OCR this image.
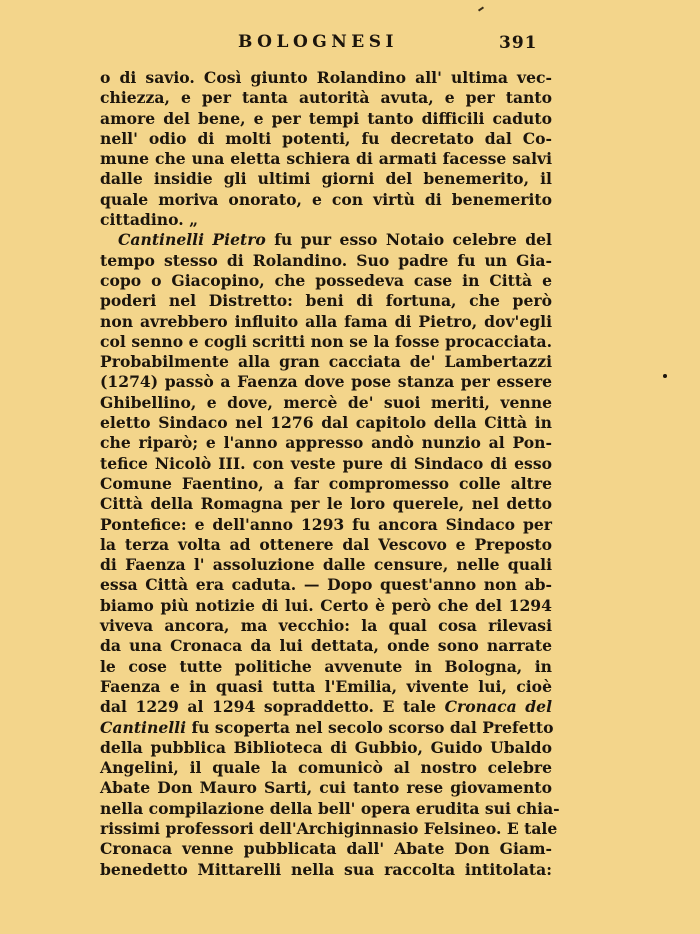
BOLOGNESI	391
o di savio. Così giunto Rolandino all' ultima vec-
chiezza, e per tanta autorità avuta, e per tanto
amore del bene, e per tempi tanto difficili caduto
nell' odio di molti potenti, fu decretato dal Co-
mune che una eletta schiera di armati facesse salvi
dalle insidie gli ultimi giorni del benemerito, il
quale moriva onorato, e con virtù di benemerito
cittadino. „
Cantinelli Pietro fu pur esso Notaio celebre del
tempo stesso di Rolandino. Suo padre fu un Gia-
copo o Giacopino, che possedeva case in Città e
poderi nel Distretto: beni di fortuna, che però
non avrebbero influito alla fama di Pietro, dov'egli
col senno e cogli scritti non se la fosse procacciata.
Probabilmente alla gran cacciata de' Lambertazzi
(1274) passò a Faenza dove pose stanza per essere
Ghibellino, e dove, mercè de' suoi meriti, venne
eletto Sindaco nel 1276 dal capitolo della Città in
che riparò; e l'anno appresso andò nunzio al Pon-
tefice Nicolò III. con veste pure di Sindaco di esso
Comune Faentino, a far compromesso colle altre
Città della Romagna per le loro querele, nel detto
Pontefice: e dell'anno 1293 fu ancora Sindaco per
la terza volta ad ottenere dal Vescovo e Preposto
di Faenza l' assoluzione dalle censure, nelle quali
essa Città era caduta. — Dopo quest'anno non ab-
biamo più notizie di lui. Certo è però che del 1294
viveva ancora, ma vecchio: la qual cosa rilevasi
da una Cronaca da lui dettata, onde sono narrate
le cose tutte politiche avvenute in Bologna, in
Faenza e in quasi tutta l'Emilia, vivente lui, cioè
dal 1229 al 1294 sopraddetto. E tale Cronaca del
Cantinelli fu scoperta nel secolo scorso dal Prefetto
della pubblica Biblioteca di Gubbio, Guido Ubaldo
Angelini, il quale la comunicò al nostro celebre
Abate Don Mauro Sarti, cui tanto rese giovamento
nella compilazione della bell' opera erudita sui chia-
rissimi professori dell'Archiginnasio Felsineo. E tale
Cronaca venne pubblicata dall' Abate Don Giam-
benedetto Mittarelli nella sua raccolta intitolata:
